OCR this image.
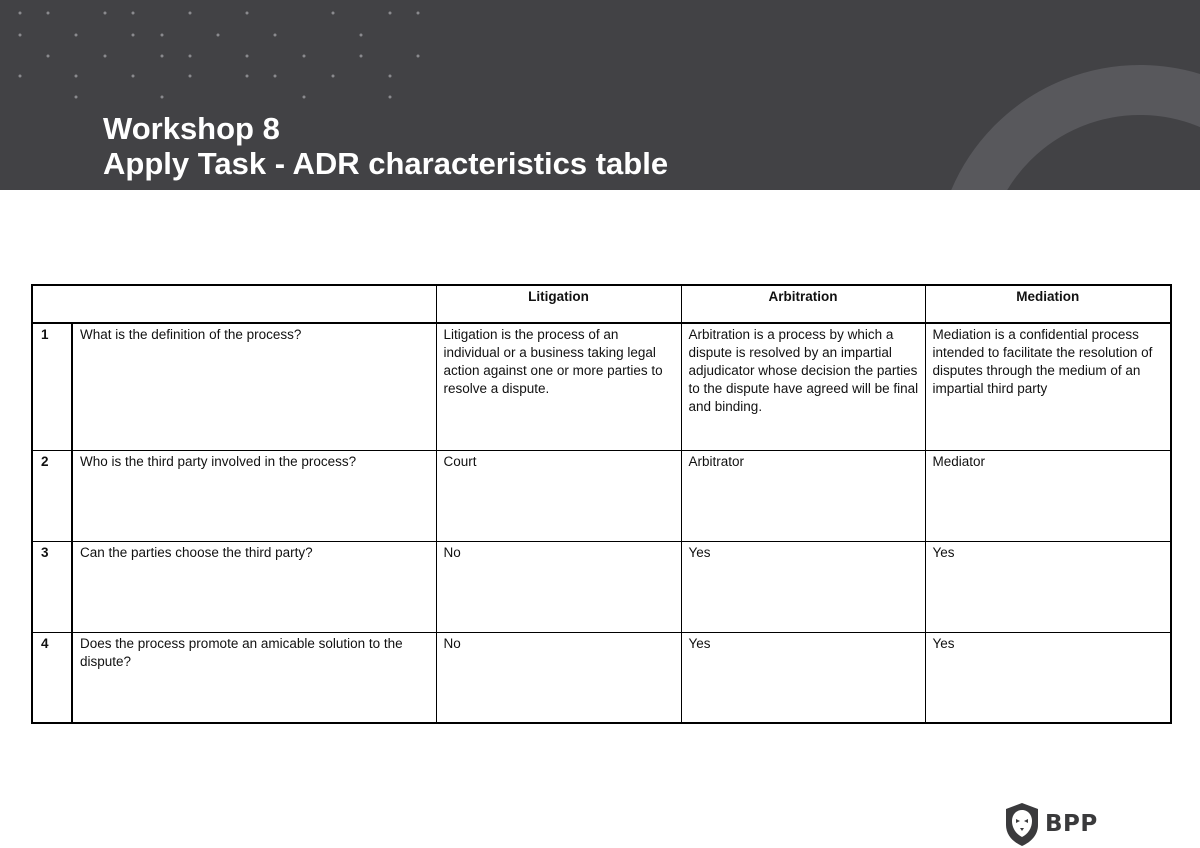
Workshop 8
Apply Task - ADR characteristics table
		Litigation	Arbitration	Mediation
1	What is the definition of the process?	Litigation is the process of an individual or a business taking legal action against one or more parties to resolve a dispute.	Arbitration is a process by which a dispute is resolved by an impartial adjudicator whose decision the parties to the dispute have agreed will be final and binding.	Mediation is a confidential process intended to facilitate the resolution of disputes through the medium of an impartial third party
2	Who is the third party involved in the process?	Court	Arbitrator	Mediator
3	Can the parties choose the third party?	No	Yes	Yes
4	Does the process promote an amicable solution to the dispute?	No	Yes	Yes
BPP
